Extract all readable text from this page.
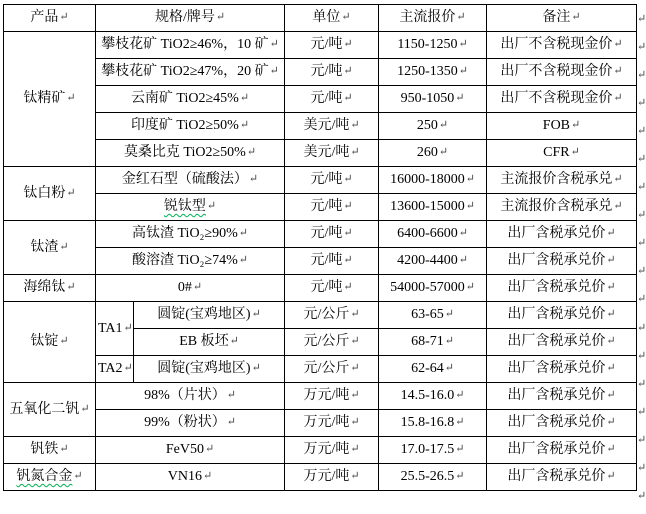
产品↵	规格/牌号↵		单位↵	主流报价↵	备注↵
钛精矿↵	攀枝花矿 TiO2≥46%，10 矿↵		元/吨↵	1150-1250↵	出厂不含税现金价↵
	攀枝花矿 TiO2≥47%，20 矿↵		元/吨↵	1250-1350↵	出厂不含税现金价↵
	云南矿 TiO2≥45%↵		元/吨↵	950-1050↵	出厂不含税现金价↵
	印度矿 TiO2≥50%↵		美元/吨↵	250↵	FOB↵
	莫桑比克 TiO2≥50%↵		美元/吨↵	260↵	CFR↵
钛白粉↵	金红石型（硫酸法）↵		元/吨↵	16000-18000↵	主流报价含税承兑↵
	锐钛型↵		元/吨↵	13600-15000↵	主流报价含税承兑↵
钛渣↵	高钛渣 TiO₂≥90%↵		元/吨↵	6400-6600↵	出厂含税承兑价↵
	酸溶渣 TiO₂≥74%↵		元/吨↵	4200-4400↵	出厂含税承兑价↵
海绵钛↵	0#↵		元/吨↵	54000-57000↵	出厂含税承兑价↵
钛锭↵	TA1↵	圆锭(宝鸡地区)↵	元/公斤↵	63-65↵	出厂含税承兑价↵
		EB 板坯↵	元/公斤↵	68-71↵	出厂含税承兑价↵
	TA2↵	圆锭(宝鸡地区)↵	元/公斤↵	62-64↵	出厂含税承兑价↵
五氧化二钒↵	98%（片状）↵		万元/吨↵	14.5-16.0↵	出厂含税承兑价↵
	99%（粉状）↵		万元/吨↵	15.8-16.8↵	出厂含税承兑价↵
钒铁↵	FeV50↵		万元/吨↵	17.0-17.5↵	出厂含税承兑价↵
钒氮合金↵	VN16↵		万元/吨↵	25.5-26.5↵	出厂含税承兑价↵
↵
↵
↵
↵
↵
↵
↵
↵
↵
↵
↵
↵
↵
↵
↵
↵
↵
↵
